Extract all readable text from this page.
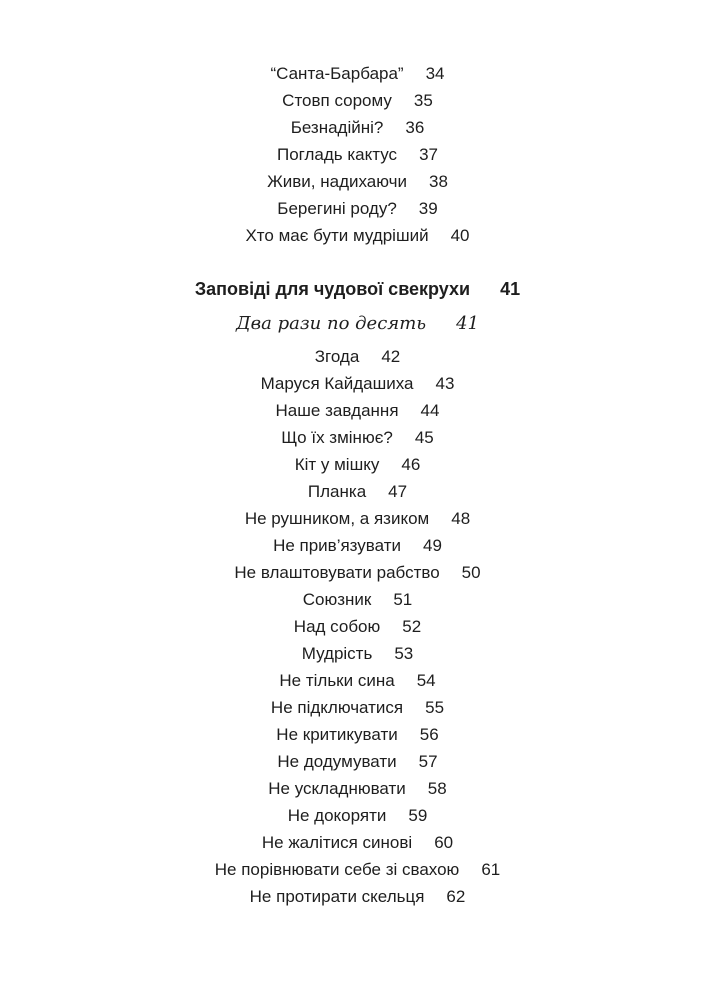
“Санта-Барбара” 34
Стовп сорому 35
Безнадійні? 36
Погладь кактус 37
Живи, надихаючи 38
Берегині роду? 39
Хто має бути мудріший 40
Заповіді для чудової свекрухи 41
Два рази по десять 41
Згода 42
Маруся Кайдашиха 43
Наше завдання 44
Що їх змінює? 45
Кіт у мішку 46
Планка 47
Не рушником, а язиком 48
Не прив’язувати 49
Не влаштовувати рабство 50
Союзник 51
Над собою 52
Мудрість 53
Не тільки сина 54
Не підключатися 55
Не критикувати 56
Не додумувати 57
Не ускладнювати 58
Не докоряти 59
Не жалітися синові 60
Не порівнювати себе зі свахою 61
Не протирати скельця 62
